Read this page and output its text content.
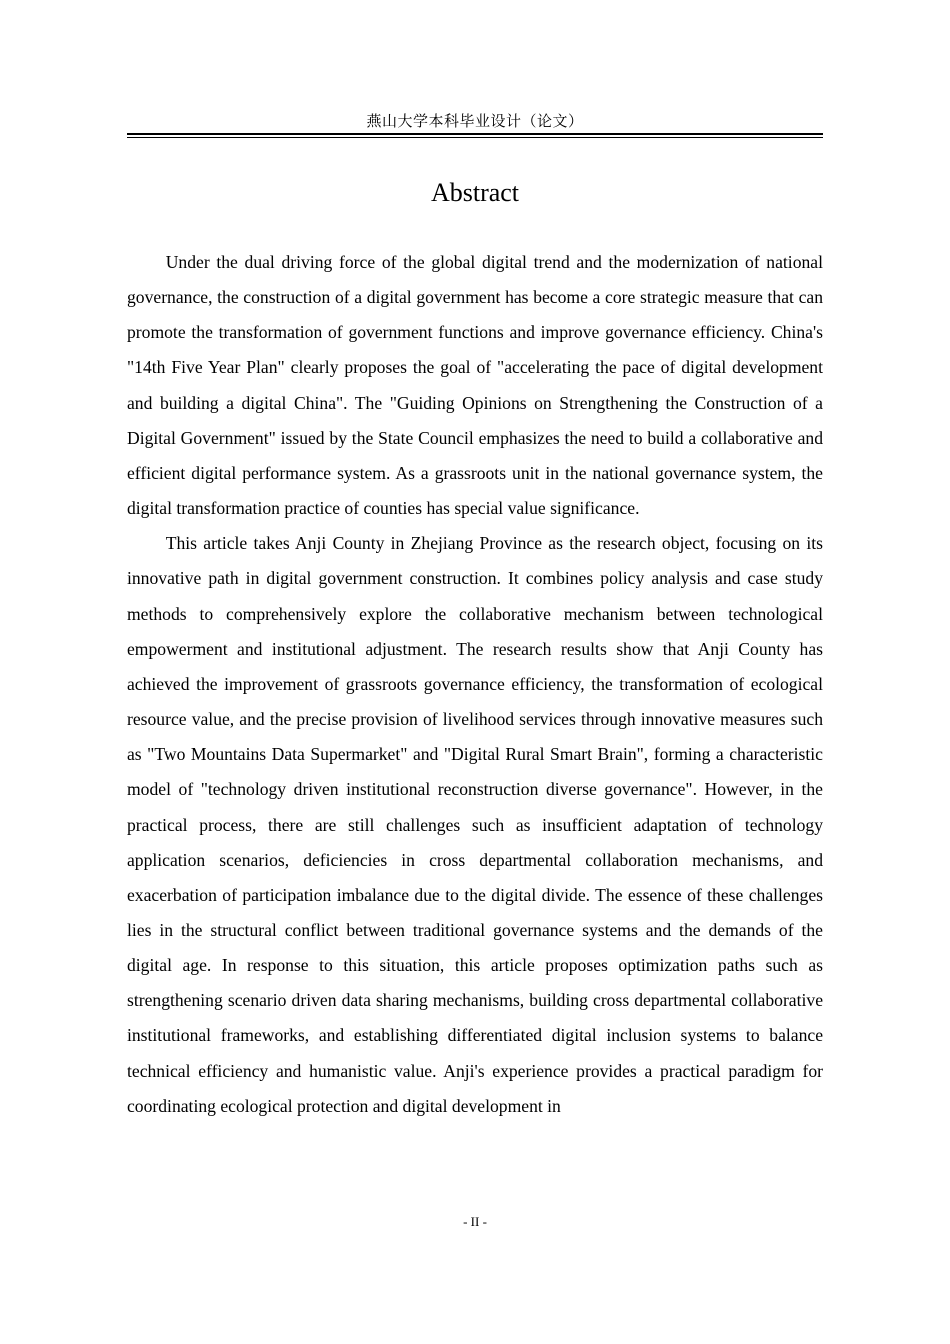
燕山大学本科毕业设计（论文）
Abstract

Under the dual driving force of the global digital trend and the modernization of national governance, the construction of a digital government has become a core strategic measure that can promote the transformation of government functions and improve governance efficiency. China's "14th Five Year Plan" clearly proposes the goal of "accelerating the pace of digital development and building a digital China". The "Guiding Opinions on Strengthening the Construction of a Digital Government" issued by the State Council emphasizes the need to build a collaborative and efficient digital performance system. As a grassroots unit in the national governance system, the digital transformation practice of counties has special value significance.

This article takes Anji County in Zhejiang Province as the research object, focusing on its innovative path in digital government construction. It combines policy analysis and case study methods to comprehensively explore the collaborative mechanism between technological empowerment and institutional adjustment. The research results show that Anji County has achieved the improvement of grassroots governance efficiency, the transformation of ecological resource value, and the precise provision of livelihood services through innovative measures such as "Two Mountains Data Supermarket" and "Digital Rural Smart Brain", forming a characteristic model of "technology driven institutional reconstruction diverse governance". However, in the practical process, there are still challenges such as insufficient adaptation of technology application scenarios, deficiencies in cross departmental collaboration mechanisms, and exacerbation of participation imbalance due to the digital divide. The essence of these challenges lies in the structural conflict between traditional governance systems and the demands of the digital age. In response to this situation, this article proposes optimization paths such as strengthening scenario driven data sharing mechanisms, building cross departmental collaborative institutional frameworks, and establishing differentiated digital inclusion systems to balance technical efficiency and humanistic value. Anji's experience provides a practical paradigm for coordinating ecological protection and digital development in

- II -
